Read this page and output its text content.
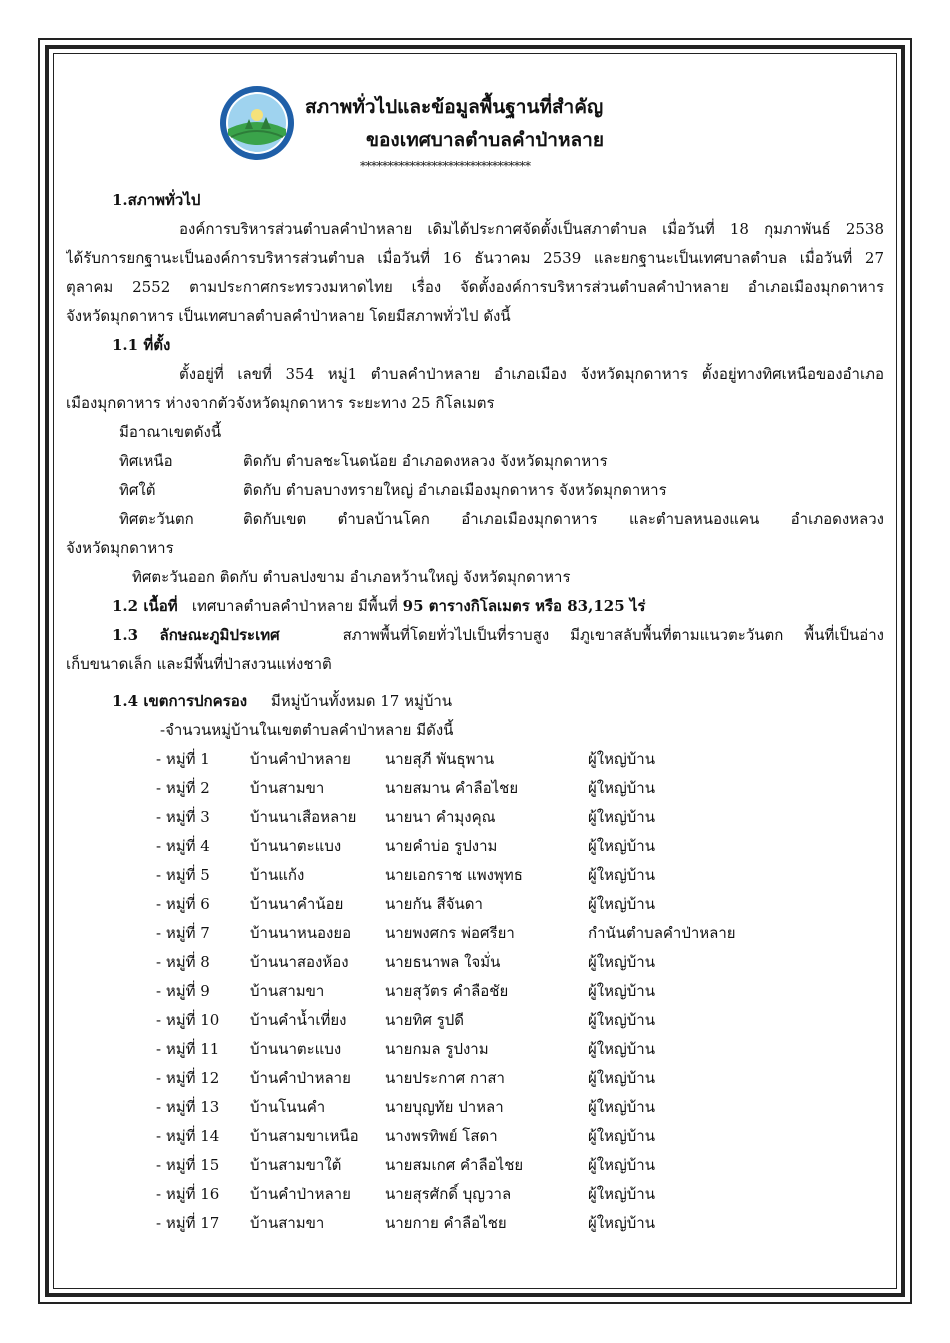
สภาพทั่วไปและข้อมูลพื้นฐานที่สำคัญ
ของเทศบาลตำบลคำป่าหลาย
*******************************
1.สภาพทั่วไป
องค์การบริหารส่วนตำบลคำป่าหลาย เดิมได้ประกาศจัดตั้งเป็นสภาตำบล เมื่อวันที่ 18 กุมภาพันธ์ 2538
ได้รับการยกฐานะเป็นองค์การบริหารส่วนตำบล เมื่อวันที่ 16 ธันวาคม 2539 และยกฐานะเป็นเทศบาลตำบล เมื่อวันที่ 27
ตุลาคม 2552 ตามประกาศกระทรวงมหาดไทย เรื่อง จัดตั้งองค์การบริหารส่วนตำบลคำป่าหลาย อำเภอเมืองมุกดาหาร
จังหวัดมุกดาหาร เป็นเทศบาลตำบลคำป่าหลาย โดยมีสภาพทั่วไป ดังนี้
1.1 ที่ตั้ง
ตั้งอยู่ที่ เลขที่ 354 หมู่1 ตำบลคำป่าหลาย อำเภอเมือง จังหวัดมุกดาหาร ตั้งอยู่ทางทิศเหนือของอำเภอ
เมืองมุกดาหาร ห่างจากตัวจังหวัดมุกดาหาร ระยะทาง 25 กิโลเมตร
มีอาณาเขตดังนี้
ทิศเหนือ	ติดกับ ตำบลชะโนดน้อย อำเภอดงหลวง จังหวัดมุกดาหาร
ทิศใต้	ติดกับ ตำบลบางทรายใหญ่ อำเภอเมืองมุกดาหาร จังหวัดมุกดาหาร
ทิศตะวันตก	ติดกับเขต ตำบลบ้านโคก อำเภอเมืองมุกดาหาร และตำบลหนองแคน อำเภอดงหลวง
จังหวัดมุกดาหาร
ทิศตะวันออก ติดกับ ตำบลปงขาม อำเภอหว้านใหญ่ จังหวัดมุกดาหาร
1.2 เนื้อที่ เทศบาลตำบลคำป่าหลาย มีพื้นที่ 95 ตารางกิโลเมตร หรือ 83,125 ไร่
1.3 ลักษณะภูมิประเทศ	สภาพพื้นที่โดยทั่วไปเป็นที่ราบสูง มีภูเขาสลับพื้นที่ตามแนวตะวันตก พื้นที่เป็นอ่าง
เก็บขนาดเล็ก และมีพื้นที่ป่าสงวนแห่งชาติ
1.4 เขตการปกครอง มีหมู่บ้านทั้งหมด 17 หมู่บ้าน
-จำนวนหมู่บ้านในเขตตำบลคำป่าหลาย มีดังนี้
- หมู่ที่ 1	บ้านคำป่าหลาย นายสุภี พันธุพาน	ผู้ใหญ่บ้าน
- หมู่ที่ 2	บ้านสามขา	นายสมาน คำลือไชย	ผู้ใหญ่บ้าน
- หมู่ที่ 3	บ้านนาเสือหลาย นายนา คำมุงคุณ	ผู้ใหญ่บ้าน
- หมู่ที่ 4	บ้านนาตะแบง	นายคำบ่อ รูปงาม	ผู้ใหญ่บ้าน
- หมู่ที่ 5	บ้านแก้ง	นายเอกราช แพงพุทธ	ผู้ใหญ่บ้าน
- หมู่ที่ 6	บ้านนาคำน้อย	นายกัน สีจันดา	ผู้ใหญ่บ้าน
- หมู่ที่ 7	บ้านนาหนองยอ นายพงศกร พ่อศรียา	กำนันตำบลคำป่าหลาย
- หมู่ที่ 8	บ้านนาสองห้อง นายธนาพล ใจมั่น	ผู้ใหญ่บ้าน
- หมู่ที่ 9	บ้านสามขา	นายสุวัตร คำลือชัย	ผู้ใหญ่บ้าน
- หมู่ที่ 10 บ้านคำน้ำเที่ยง	นายทิศ รูปดี	ผู้ใหญ่บ้าน
- หมู่ที่ 11 บ้านนาตะแบง	นายกมล รูปงาม	ผู้ใหญ่บ้าน
- หมู่ที่ 12 บ้านคำป่าหลาย นายประกาศ กาสา	ผู้ใหญ่บ้าน
- หมู่ที่ 13 บ้านโนนคำ	นายบุญทัย ปาหลา	ผู้ใหญ่บ้าน
- หมู่ที่ 14 บ้านสามขาเหนือ นางพรทิพย์ โสดา	ผู้ใหญ่บ้าน
- หมู่ที่ 15 บ้านสามขาใต้	นายสมเกศ คำลือไชย	ผู้ใหญ่บ้าน
- หมู่ที่ 16 บ้านคำป่าหลาย นายสุรศักดิ์ บุญวาล	ผู้ใหญ่บ้าน
- หมู่ที่ 17 บ้านสามขา	นายกาย คำลือไชย	ผู้ใหญ่บ้าน
